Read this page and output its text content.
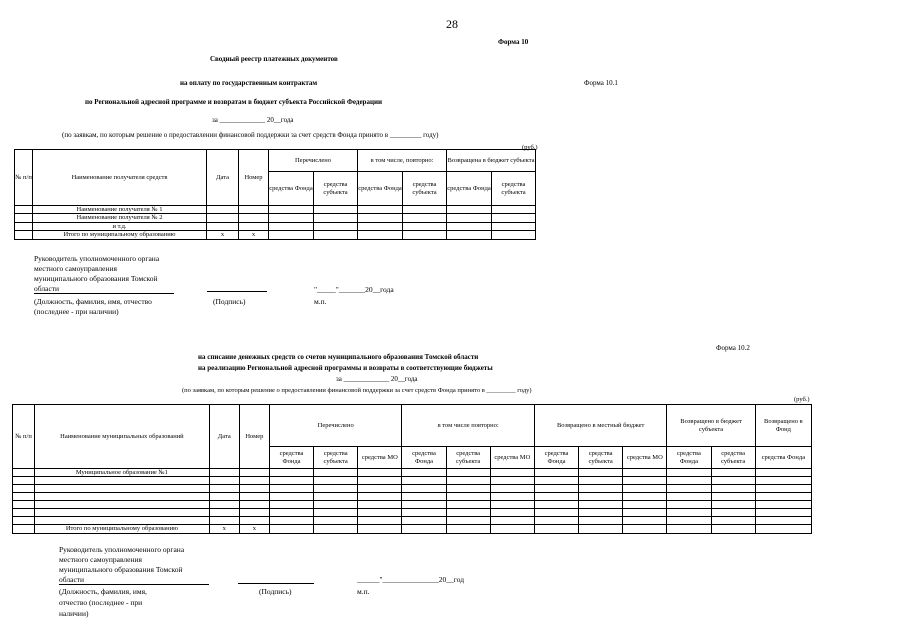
28
Форма 10
Сводный реестр платежных документов
на оплату по государственным контрактам	Форма 10.1
по Региональной адресной программе и возвратам в бюджет субъекта Российской Федерации
за _____________ 20__года
(по заявкам, по которым решение о предоставлении финансовой поддержки за счет средств Фонда принято в _________ году)
(руб.)
№ п/п	Наименование получателя средств	Дата	Номер	Перечислено		в том числе, повторно:		Возвращена в бюджет субъекта	
				средства Фонда	средства субъекта	средства Фонда	средства субъекта	средства Фонда	средства субъекта
	Наименование получателя № 1								
	Наименование получателя № 2								
	и т.д.								
	Итого по муниципальному образованию	x	x						
Руководитель уполномоченного органа
местного самоуправления
муниципального образования Томской
области	"_____"_______20__года
(Должность, фамилия, имя, отчество
(последнее - при наличии)
(Подпись)	м.п.
Форма 10.2
на списание денежных средств со счетов муниципального образования Томской области
на реализацию Региональной адресной программы и возвраты в соответствующие бюджеты
за _____________ 20__года
(по заявкам, по которым решение о предоставлении финансовой поддержки за счет средств Фонда принято в _________ году)
(руб.)
№ п/п	Наименование муниципальных образований	Дата	Номер	Перечислено			в том числе повторно:			Возвращено в местный бюджет			Возвращено в бюджет субъекта		Возвращено в Фонд
				средства Фонда	средства субъекта	средства МО	средства Фонда	средства субъекта	средства МО	средства Фонда	средства субъекта	средства МО	средства Фонда	средства субъекта	средства Фонда
	Муниципальное образование №1														

	Итого по муниципальному образованию	x	x												
Руководитель уполномоченного органа
местного самоуправления
муниципального образования Томской
области	______"_______________20__год
(Должность, фамилия, имя,
отчество (последнее - при
наличии)
(Подпись)	м.п.
